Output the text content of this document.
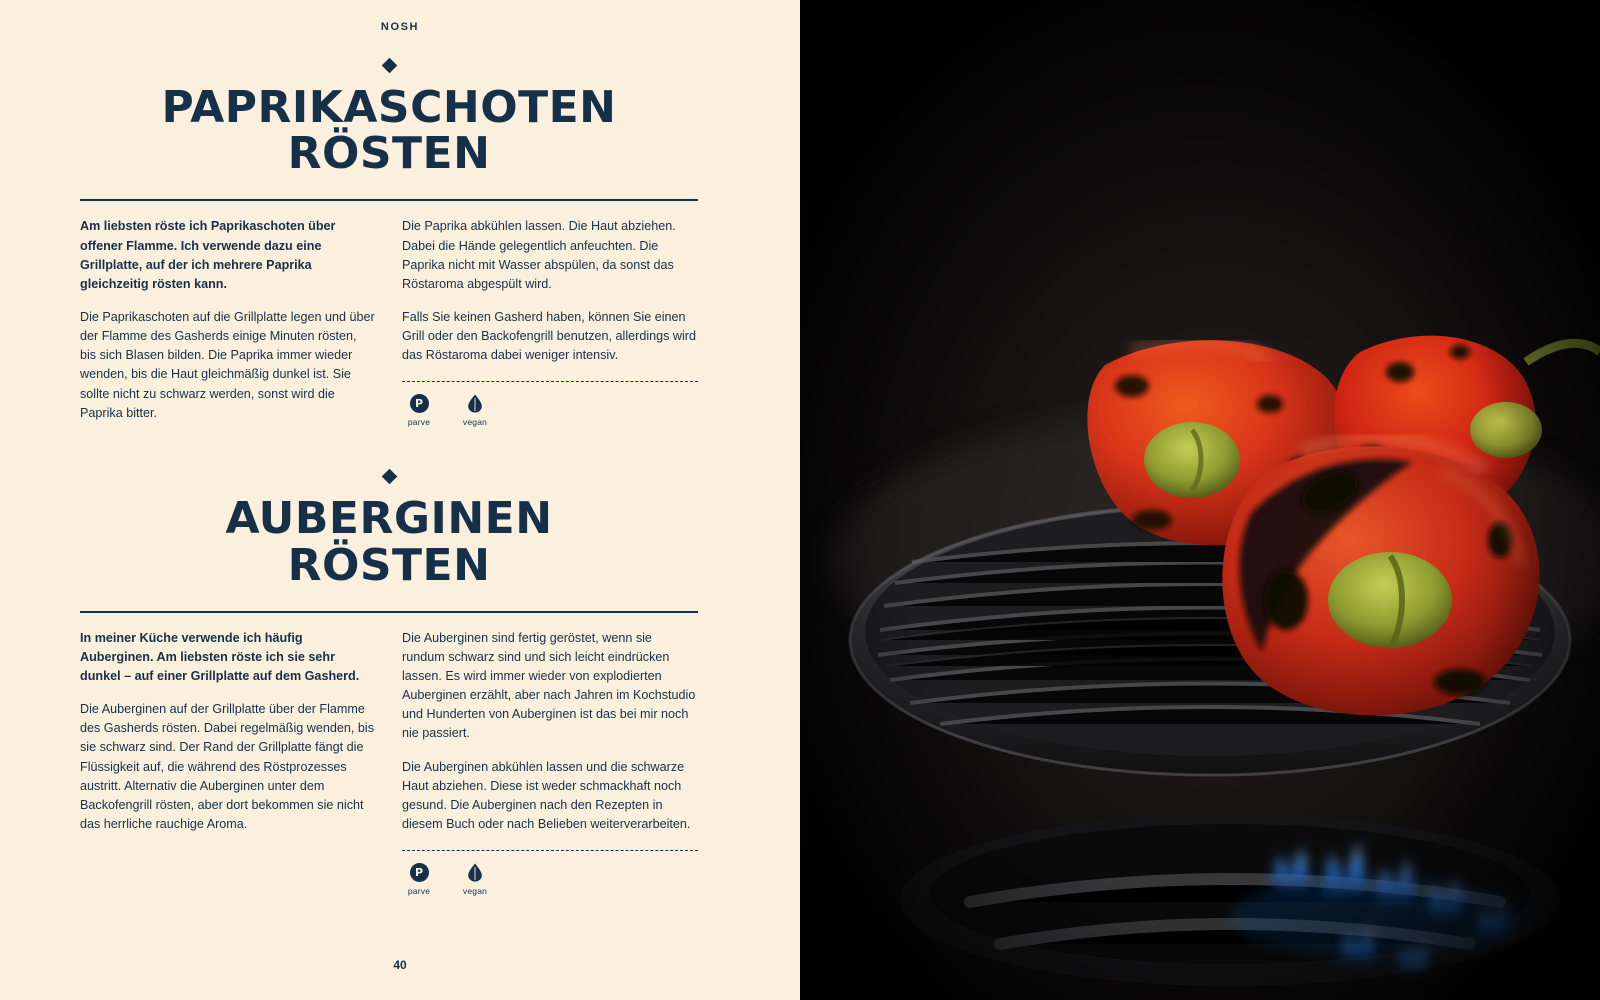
NOSH
PAPRIKASCHOTEN
RÖSTEN

Am liebsten röste ich Paprikaschoten über offener Flamme. Ich verwende dazu eine Grillplatte, auf der ich mehrere Paprika gleichzeitig rösten kann.

Die Paprikaschoten auf die Grillplatte legen und über der Flamme des Gasherds einige Minuten rösten, bis sich Blasen bilden. Die Paprika immer wieder wenden, bis die Haut gleichmäßig dunkel ist. Sie sollte nicht zu schwarz werden, sonst wird die Paprika bitter.

Die Paprika abkühlen lassen. Die Haut abziehen. Dabei die Hände gelegentlich anfeuchten. Die Paprika nicht mit Wasser abspülen, da sonst das Röstaroma abgespült wird.

Falls Sie keinen Gasherd haben, können Sie einen Grill oder den Backofengrill benutzen, allerdings wird das Röstaroma dabei weniger intensiv.

P
parve	vegan
AUBERGINEN
RÖSTEN

In meiner Küche verwende ich häufig Auberginen. Am liebsten röste ich sie sehr dunkel – auf einer Grillplatte auf dem Gasherd.

Die Auberginen auf der Grillplatte über der Flamme des Gasherds rösten. Dabei regelmäßig wenden, bis sie schwarz sind. Der Rand der Grillplatte fängt die Flüssigkeit auf, die während des Röstprozesses austritt. Alternativ die Auberginen unter dem Backofengrill rösten, aber dort bekommen sie nicht das herrliche rauchige Aroma.

Die Auberginen sind fertig geröstet, wenn sie rundum schwarz sind und sich leicht eindrücken lassen. Es wird immer wieder von explodierten Auberginen erzählt, aber nach Jahren im Kochstudio und Hunderten von Auberginen ist das bei mir noch nie passiert.

Die Auberginen abkühlen lassen und die schwarze Haut abziehen. Diese ist weder schmackhaft noch gesund. Die Auberginen nach den Rezepten in diesem Buch oder nach Belieben weiterverarbeiten.

P
parve	vegan
40
